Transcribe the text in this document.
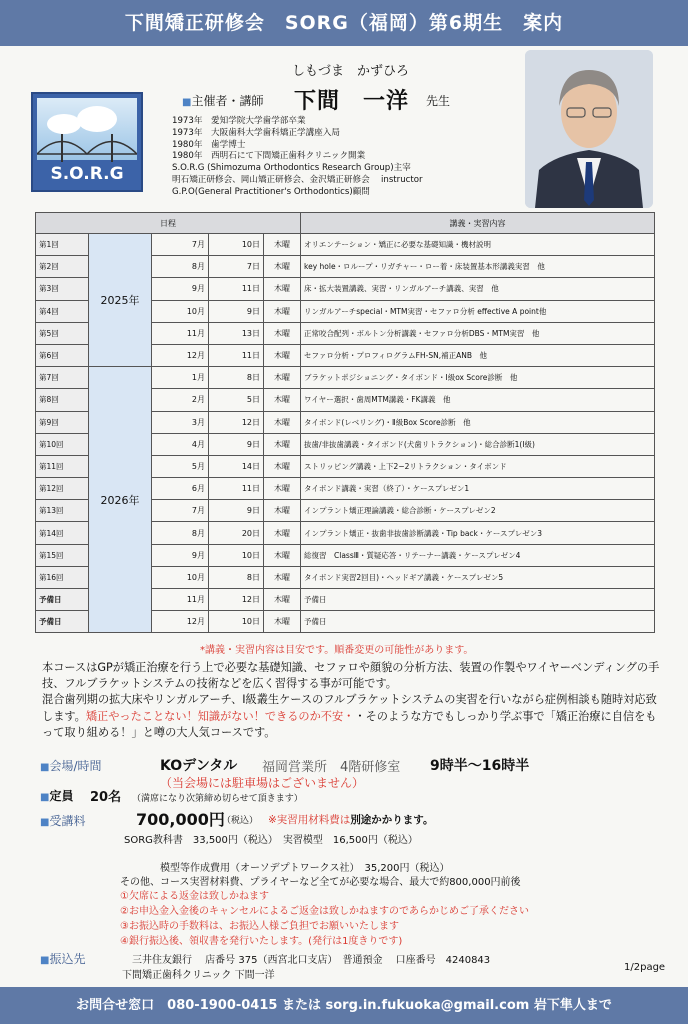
下間矯正研修会　SORG（福岡）第6期生　案内
S.O.R.G
しもづま　かずひろ
■主催者・講師 下間　一洋 先生
1973年　愛知学院大学歯学部卒業
1973年　大阪歯科大学歯科矯正学講座入局
1980年　歯学博士
1980年　西明石にて下間矯正歯科クリニック開業
S.O.R.G (Shimozuma Orthodontics Research Group)主宰
明石矯正研修会、岡山矯正研修会、金沢矯正研修会　 instructor
G.P.O(General Practitioner's Orthodontics)顧問
日程					講義・実習内容
第1回	2025年	7月	10日	木曜	オリエンテーション・矯正に必要な基礎知識・機材説明
第2回		8月	7日	木曜	key hole・ロループ・リガチャー・ロー着・床装置基本形講義実習　他
第3回		9月	11日	木曜	床・拡大装置講義、実習・リンガルアーチ講義、実習　他
第4回		10月	9日	木曜	リンガルアーチspecial・MTM実習・セファロ分析 effective A point他
第5回		11月	13日	木曜	正常咬合配列・ボルトン分析講義・セファロ分析DBS・MTM実習　他
第6回		12月	11日	木曜	セファロ分析・プロフィログラムFH-SN,補正ANB　他
第7回	2026年	1月	8日	木曜	ブラケットポジショニング・タイボンド・Ⅰ級ox Score診断　他
第8回		2月	5日	木曜	ワイヤー選択・歯周MTM講義・FK講義　他
第9回		3月	12日	木曜	タイボンド(レベリング)・Ⅱ級Box Score診断　他
第10回		4月	9日	木曜	抜歯/非抜歯講義・タイボンド(犬歯リトラクション)・総合診断1(Ⅰ級)
第11回		5月	14日	木曜	ストリッピング講義・上下2−2リトラクション・タイボンド
第12回		6月	11日	木曜	タイボンド講義・実習（終了）・ケースプレゼン1
第13回		7月	9日	木曜	インプラント矯正理論講義・総合診断・ケースプレゼン2
第14回		8月	20日	木曜	インプラント矯正・抜歯非抜歯診断講義・Tip back・ケースプレゼン3
第15回		9月	10日	木曜	総復習　ClassⅢ・質疑応答・リテーナー講義・ケースプレゼン4
第16回		10月	8日	木曜	タイボンド実習2回目)・ヘッドギア講義・ケースプレゼン5
予備日		11月	12日	木曜	予備日
予備日		12月	10日	木曜	予備日
*講義・実習内容は目安です。順番変更の可能性があります。
本コースはGPが矯正治療を行う上で必要な基礎知識、セファロや顔貌の分析方法、装置の作製やワイヤーベンディングの手技、フルブラケットシステムの技術などを広く習得する事が可能です。
混合歯列期の拡大床やリンガルアーチ、Ⅰ級叢生ケースのフルブラケットシステムの実習を行いながら症例相談も随時対応致します。矯正やったことない！知識がない！できるのか不安・・そのような方でもしっかり学ぶ事で「矯正治療に自信をもって取り組める！」と噂の大人気コースです。
■会場/時間	KOデンタル 福岡営業所　4階研修室 9時半〜16時半
（当会場には駐車場はございません）
■定員 20名 （満席になり次第締め切らせて頂きます）
■受講料	700,000円
（税込） ※実習用材料費は別途かかります。
SORG教科書　33,500円（税込）　実習模型　16,500円（税込）
模型等作成費用（オーソデプトワークス社）　35,200円（税込）
その他、コース実習材料費、プライヤーなど全てが必要な場合、最大で約800,000円前後
①欠席による返金は致しかねます
②お申込金入金後のキャンセルによるご返金は致しかねますのであらかじめご了承ください
③お振込時の手数料は、お振込人様ご負担でお願いいたします
④銀行振込後、領収書を発行いたします。(発行は1度きりです)
■振込先	三井住友銀行　 店番号 375（西宮北口支店）　普通預金　 口座番号　4240843
下間矯正歯科クリニック 下間一洋
1/2page
お問合せ窓口　080-1900-0415 または sorg.in.fukuoka@gmail.com 岩下隼人まで
